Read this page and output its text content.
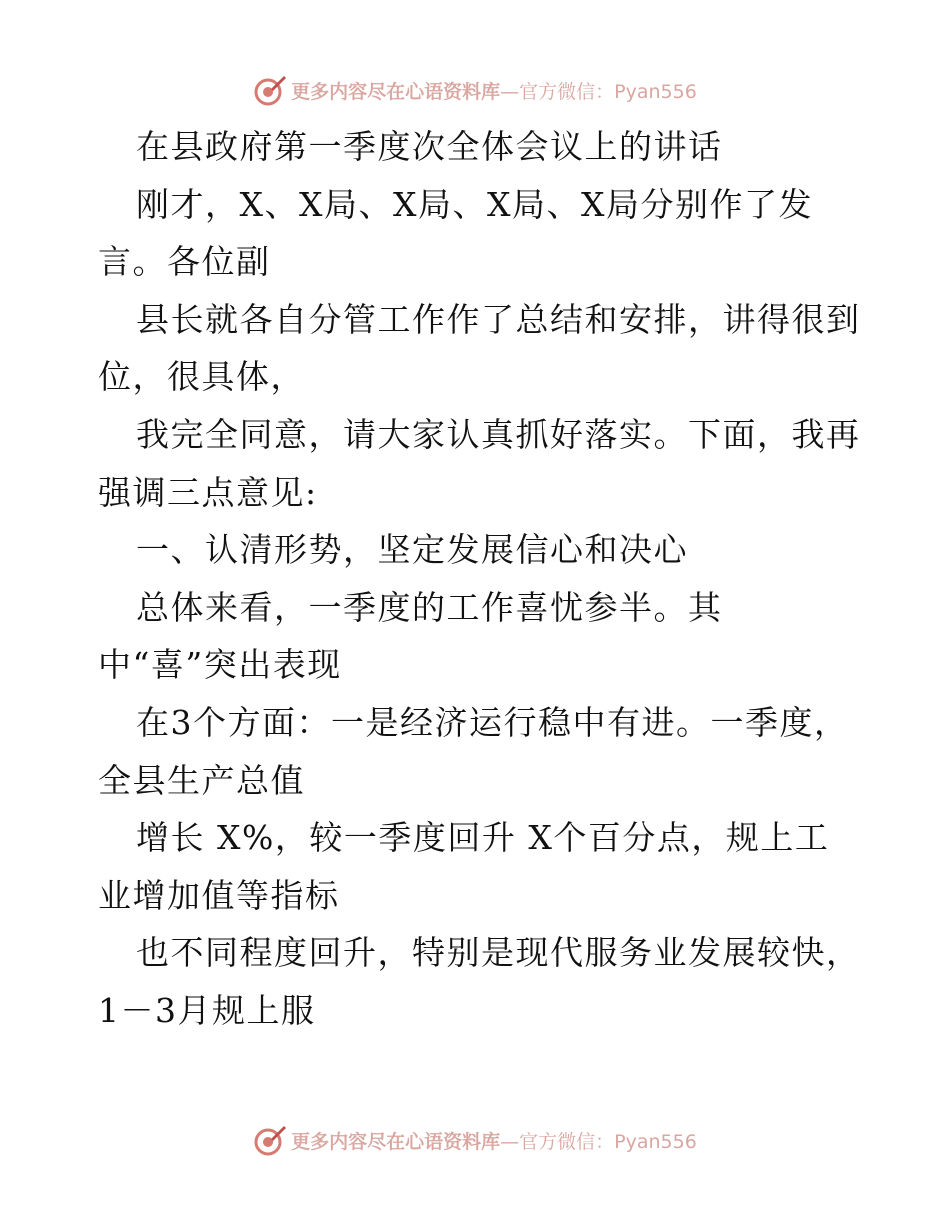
更多内容尽在心语资料库 —官方微信：Pyan556
在县政府第一季度次全体会议上的讲话
刚才，X、X局、X局、X局、X局分别作了发
言。各位副
县长就各自分管工作作了总结和安排，讲得很到
位，很具体，
我完全同意，请大家认真抓好落实。下面，我再
强调三点意见:
一、认清形势，坚定发展信心和决心
总体来看，一季度的工作喜忧参半。其
中“喜”突出表现
在3个方面：一是经济运行稳中有进。一季度，
全县生产总值
增长 X%，较一季度回升 X个百分点，规上工
业增加值等指标
也不同程度回升，特别是现代服务业发展较快，
1－3月规上服
更多内容尽在心语资料库 —官方微信：Pyan556
